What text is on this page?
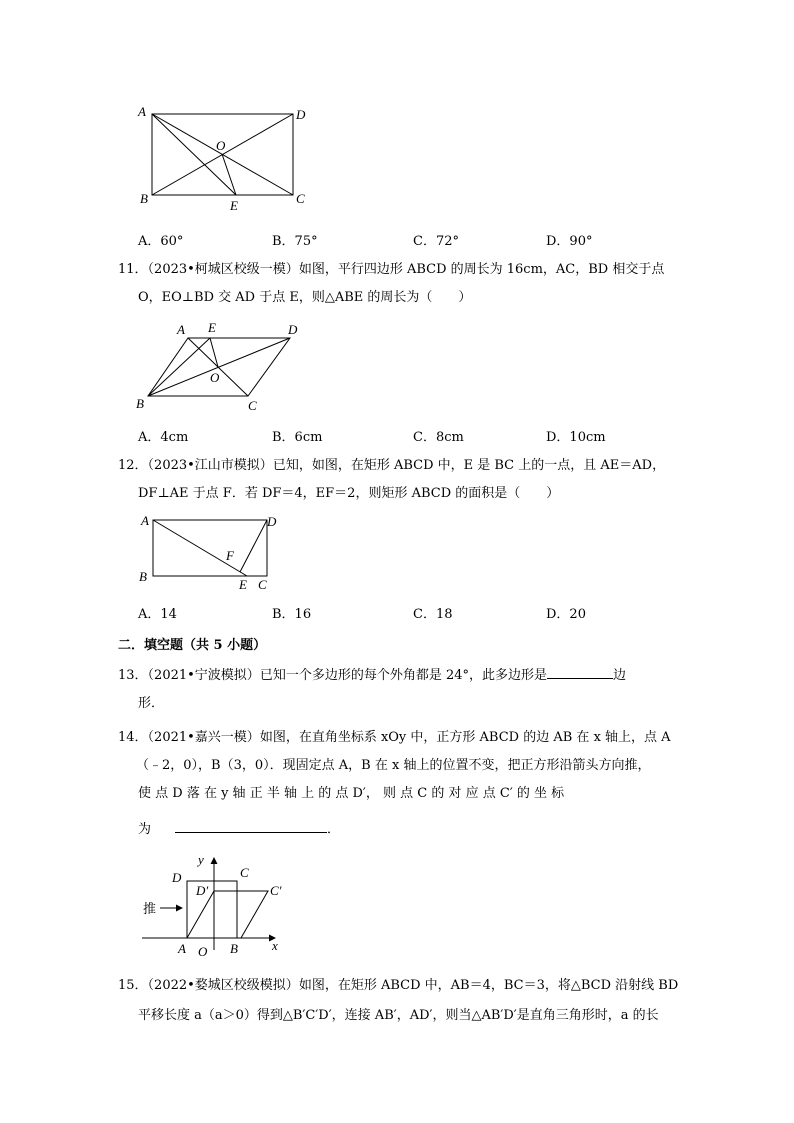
A	D
O
B	E	C
A．60°	B．75°	C．72°	D．90°
11．（2023•柯城区校级一模）如图，平行四边形 ABCD 的周长为 16cm，AC，BD 相交于点
O，EO⊥BD 交 AD 于点 E，则△ABE 的周长为（　　）
A E	D
O
B	C
A．4cm	B．6cm	C．8cm	D．10cm
12．（2023•江山市模拟）已知，如图，在矩形 ABCD 中，E 是 BC 上的一点，且 AE＝AD，
DF⊥AE 于点 F．若 DF＝4，EF＝2，则矩形 ABCD 的面积是（　　）
A	D
F
B
E C
A．14	B．16	C．18	D．20
二．填空题（共 5 小题）
13．（2021•宁波模拟）已知一个多边形的每个外角都是 24°，此多边形是	边
形．
14．（2021•嘉兴一模）如图，在直角坐标系 xOy 中，正方形 ABCD 的边 AB 在 x 轴上，点 A
（﹣2，0），B（3，0）．现固定点 A，B 在 x 轴上的位置不变，把正方形沿箭头方向推，
使 点 D 落 在 y 轴 正 半 轴 上 的 点 D′， 则 点 C 的 对 应 点 C′ 的 坐 标
为	．
y
x
C
D
D′	C′
推
A O B
15．（2022•婺城区校级模拟）如图，在矩形 ABCD 中，AB＝4，BC＝3，将△BCD 沿射线 BD
平移长度 a（a＞0）得到△B′C′D′，连接 AB′，AD′，则当△AB′D′是直角三角形时，a 的长
